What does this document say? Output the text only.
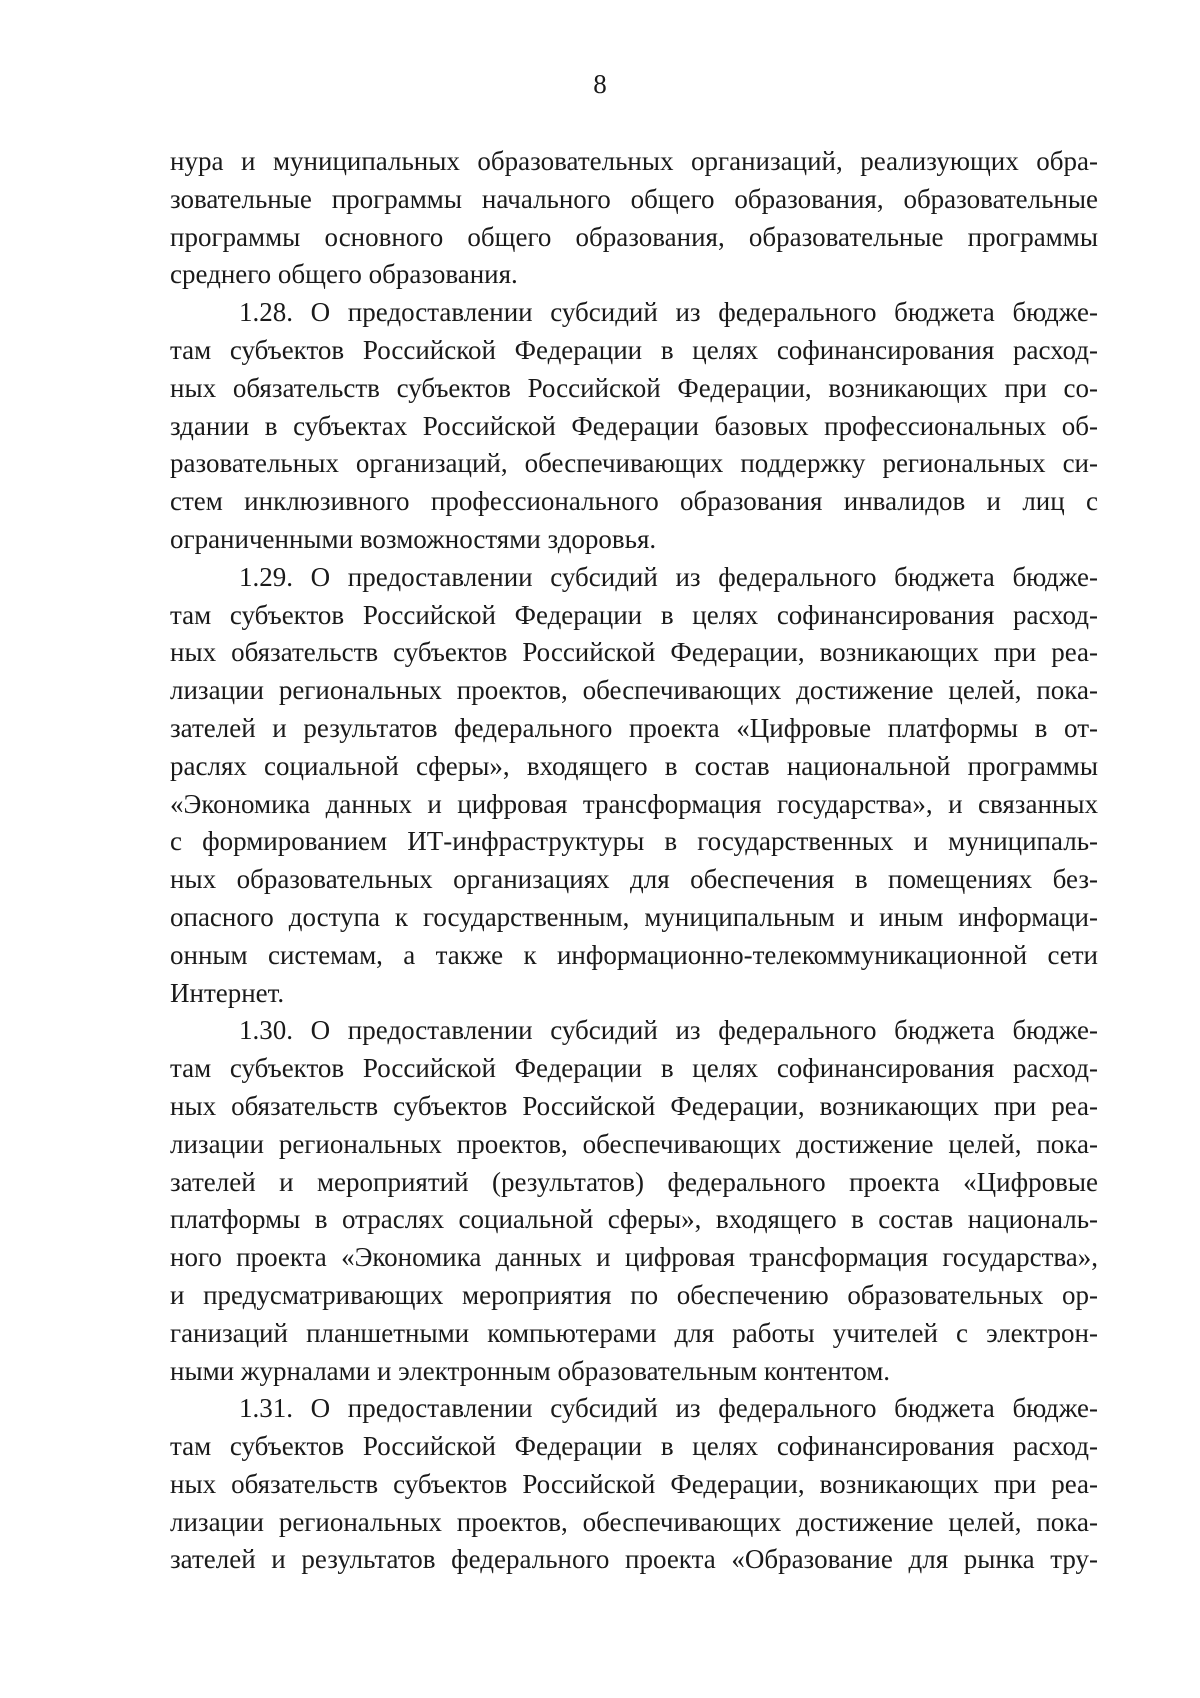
8
нура и муниципальных образовательных организаций, реализующих обра-
зовательные программы начального общего образования, образовательные
программы основного общего образования, образовательные программы
среднего общего образования.
1.28. О предоставлении субсидий из федерального бюджета бюдже-
там субъектов Российской Федерации в целях софинансирования расход-
ных обязательств субъектов Российской Федерации, возникающих при со-
здании в субъектах Российской Федерации базовых профессиональных об-
разовательных организаций, обеспечивающих поддержку региональных си-
стем инклюзивного профессионального образования инвалидов и лиц с
ограниченными возможностями здоровья.
1.29. О предоставлении субсидий из федерального бюджета бюдже-
там субъектов Российской Федерации в целях софинансирования расход-
ных обязательств субъектов Российской Федерации, возникающих при реа-
лизации региональных проектов, обеспечивающих достижение целей, пока-
зателей и результатов федерального проекта «Цифровые платформы в от-
раслях социальной сферы», входящего в состав национальной программы
«Экономика данных и цифровая трансформация государства», и связанных
с формированием ИТ-инфраструктуры в государственных и муниципаль-
ных образовательных организациях для обеспечения в помещениях без-
опасного доступа к государственным, муниципальным и иным информаци-
онным системам, а также к информационно-телекоммуникационной сети
Интернет.
1.30. О предоставлении субсидий из федерального бюджета бюдже-
там субъектов Российской Федерации в целях софинансирования расход-
ных обязательств субъектов Российской Федерации, возникающих при реа-
лизации региональных проектов, обеспечивающих достижение целей, пока-
зателей и мероприятий (результатов) федерального проекта «Цифровые
платформы в отраслях социальной сферы», входящего в состав националь-
ного проекта «Экономика данных и цифровая трансформация государства»,
и предусматривающих мероприятия по обеспечению образовательных ор-
ганизаций планшетными компьютерами для работы учителей с электрон-
ными журналами и электронным образовательным контентом.
1.31. О предоставлении субсидий из федерального бюджета бюдже-
там субъектов Российской Федерации в целях софинансирования расход-
ных обязательств субъектов Российской Федерации, возникающих при реа-
лизации региональных проектов, обеспечивающих достижение целей, пока-
зателей и результатов федерального проекта «Образование для рынка тру-
